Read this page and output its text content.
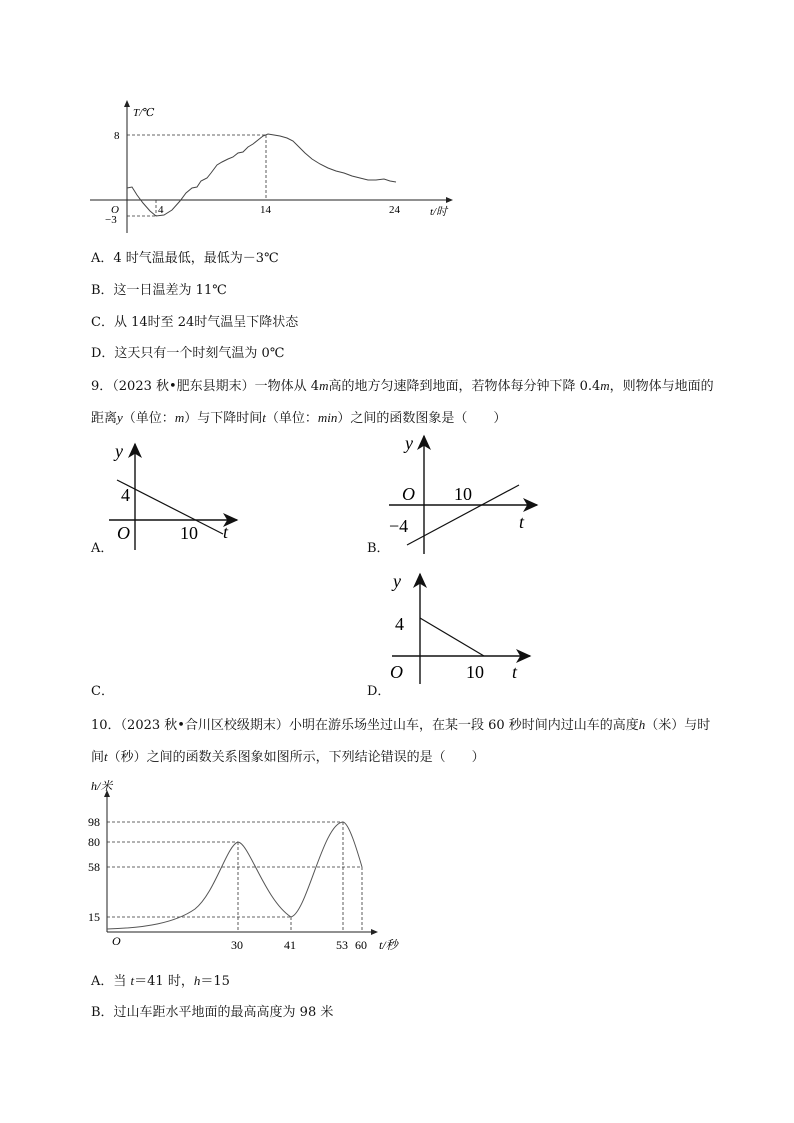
T/℃
t/时
O
8
−3
4	14	24
A．4 时气温最低，最低为－3℃
B．这一日温差为 11℃
C．从 14时至 24时气温呈下降状态
D．这天只有一个时刻气温为 0℃
9．（2023 秋•肥东县期末）一物体从 4m高的地方匀速降到地面，若物体每分钟下降 0.4m，则物体与地面的
距离y（单位：m）与下降时间t（单位：min）之间的函数图象是（　　）
y
4
O	10 t
A．
y
O 10
−4	t
B．
y
4
O	10 t
C．	D．
10．（2023 秋•合川区校级期末）小明在游乐场坐过山车，在某一段 60 秒时间内过山车的高度h（米）与时
间t（秒）之间的函数关系图象如图所示，下列结论错误的是（　　）
h/米
O
98
80
58
15
30	41	53 60 t/秒
A．当 t＝41 时，h＝15
B．过山车距水平地面的最高高度为 98 米
